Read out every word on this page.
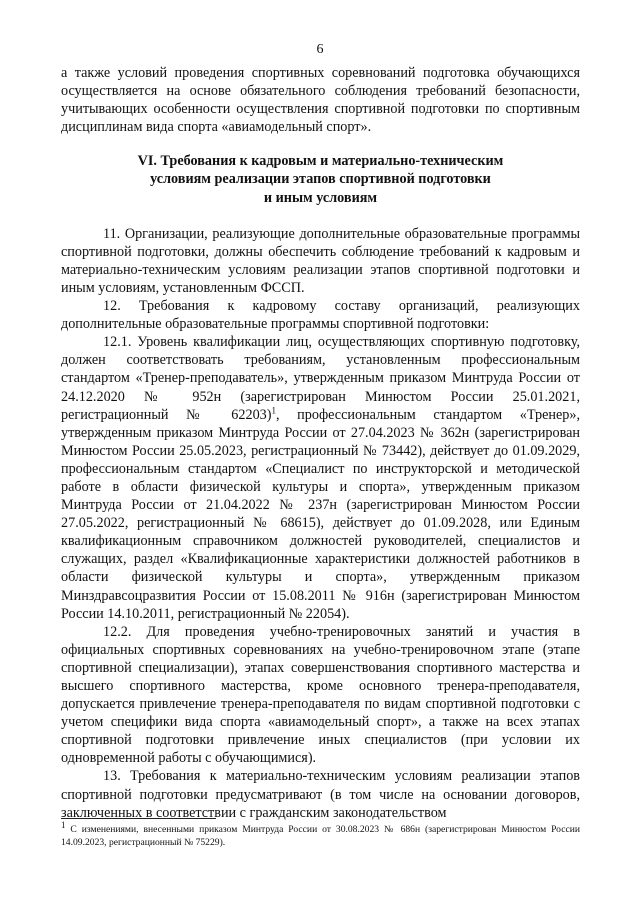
6

а также условий проведения спортивных соревнований подготовка обучающихся осуществляется на основе обязательного соблюдения требований безопасности, учитывающих особенности осуществления спортивной подготовки по спортивным дисциплинам вида спорта «авиамодельный спорт».

VI. Требования к кадровым и материально-техническим
условиям реализации этапов спортивной подготовки
и иным условиям

11. Организации, реализующие дополнительные образовательные программы спортивной подготовки, должны обеспечить соблюдение требований к кадровым и материально-техническим условиям реализации этапов спортивной подготовки и иным условиям, установленным ФССП.

12. Требования к кадровому составу организаций, реализующих дополнительные образовательные программы спортивной подготовки:

12.1. Уровень квалификации лиц, осуществляющих спортивную подготовку, должен соответствовать требованиям, установленным профессиональным стандартом «Тренер-преподаватель», утвержденным приказом Минтруда России от 24.12.2020 № 952н (зарегистрирован Минюстом России 25.01.2021, регистрационный № 62203)$^1$, профессиональным стандартом «Тренер», утвержденным приказом Минтруда России от 27.04.2023 № 362н (зарегистрирован Минюстом России 25.05.2023, регистрационный № 73442), действует до 01.09.2029, профессиональным стандартом «Специалист по инструкторской и методической работе в области физической культуры и спорта», утвержденным приказом Минтруда России от 21.04.2022 № 237н (зарегистрирован Минюстом России 27.05.2022, регистрационный № 68615), действует до 01.09.2028, или Единым квалификационным справочником должностей руководителей, специалистов и служащих, раздел «Квалификационные характеристики должностей работников в области физической культуры и спорта», утвержденным приказом Минздравсоцразвития России от 15.08.2011 № 916н (зарегистрирован Минюстом России 14.10.2011, регистрационный № 22054).

12.2. Для проведения учебно-тренировочных занятий и участия в официальных спортивных соревнованиях на учебно-тренировочном этапе (этапе спортивной специализации), этапах совершенствования спортивного мастерства и высшего спортивного мастерства, кроме основного тренера-преподавателя, допускается привлечение тренера-преподавателя по видам спортивной подготовки с учетом специфики вида спорта «авиамодельный спорт», а также на всех этапах спортивной подготовки привлечение иных специалистов (при условии их одновременной работы с обучающимися).

13. Требования к материально-техническим условиям реализации этапов спортивной подготовки предусматривают (в том числе на основании договоров, заключенных в соответствии с гражданским законодательством

$^1$ С изменениями, внесенными приказом Минтруда России от 30.08.2023 № 686н (зарегистрирован Минюстом России 14.09.2023, регистрационный № 75229).
